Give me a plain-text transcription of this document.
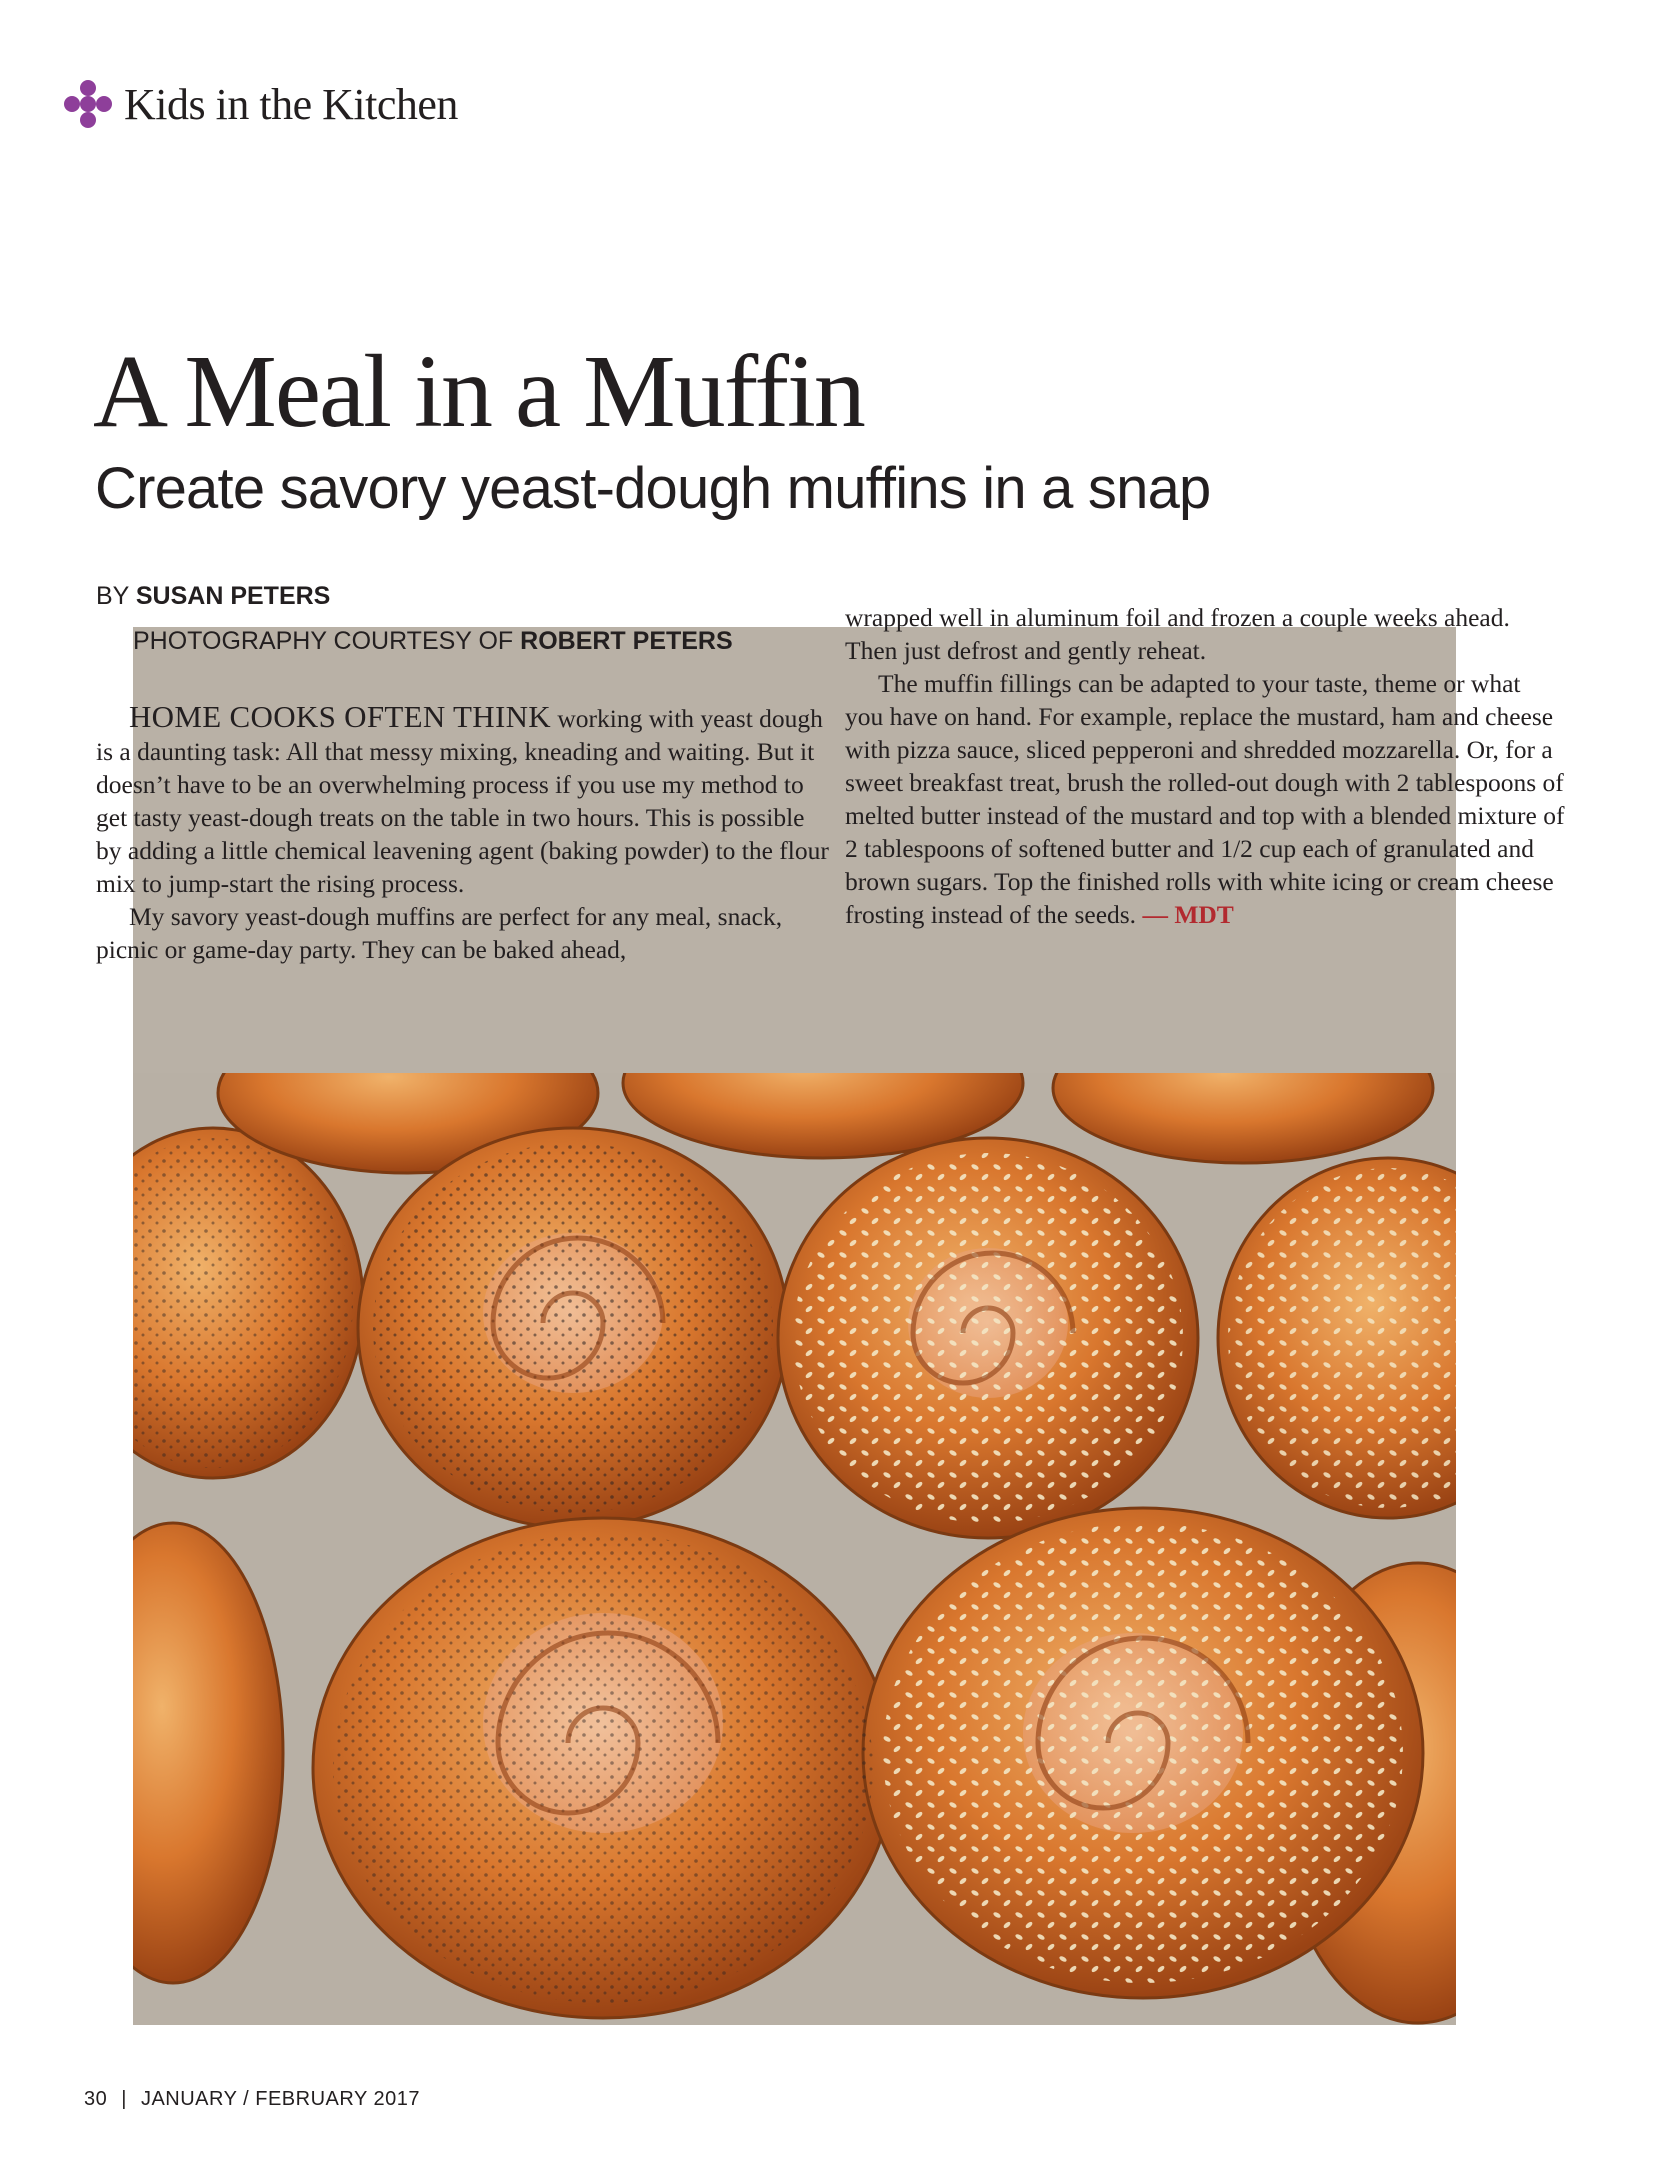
Kids in the Kitchen
A Meal in a Muffin
Create savory yeast-dough muffins in a snap
BY SUSAN PETERS
PHOTOGRAPHY COURTESY OF ROBERT PETERS

HOME COOKS OFTEN THINK working with yeast dough is a daunting task: All that messy mixing, kneading and waiting. But it doesn’t have to be an overwhelming process if you use my method to get tasty yeast-dough treats on the table in two hours. This is possible by adding a little chemical leavening agent (baking powder) to the flour mix to jump-start the rising process.

My savory yeast-dough muffins are perfect for any meal, snack, picnic or game-day party. They can be baked ahead,

wrapped well in aluminum foil and frozen a couple weeks ahead. Then just defrost and gently reheat.

The muffin fillings can be adapted to your taste, theme or what you have on hand. For example, replace the mustard, ham and cheese with pizza sauce, sliced pepperoni and shredded mozzarella. Or, for a sweet breakfast treat, brush the rolled-out dough with 2 tablespoons of melted butter instead of the mustard and top with a blended mixture of 2 tablespoons of softened butter and 1/2 cup each of granulated and brown sugars. Top the finished rolls with white icing or cream cheese frosting instead of the seeds. — MDT

30 | JANUARY / FEBRUARY 2017
